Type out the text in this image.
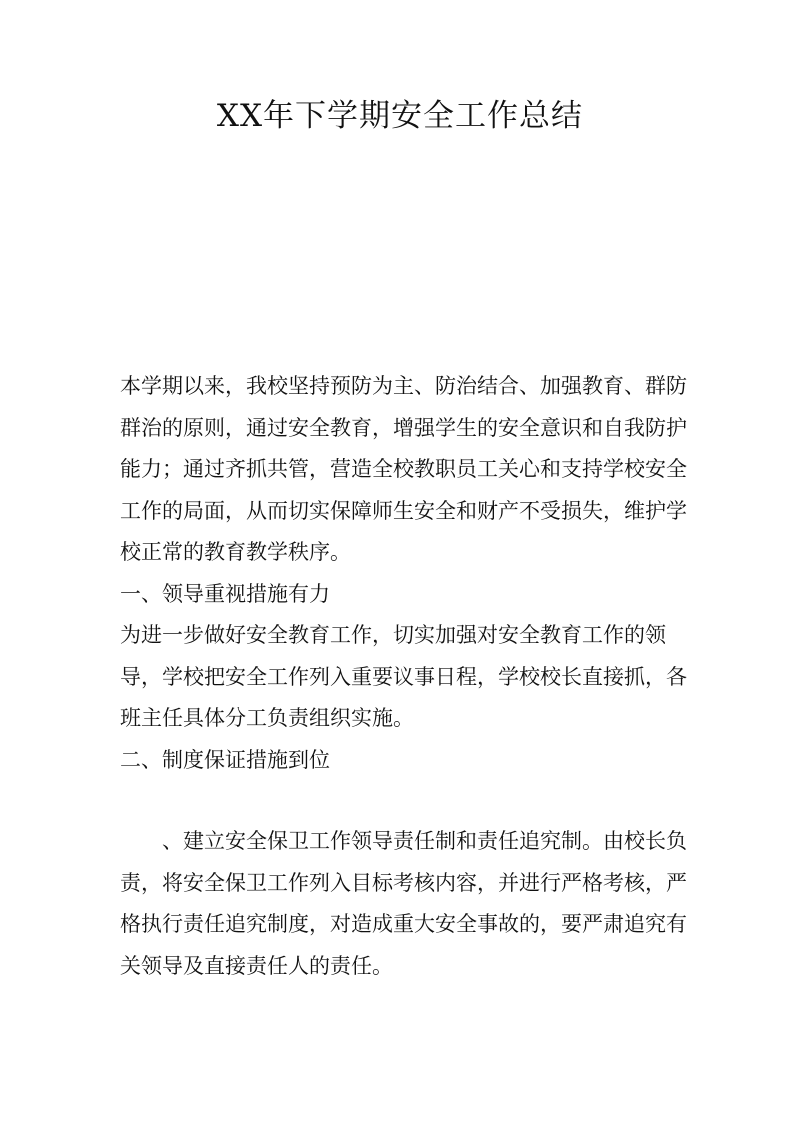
XX年下学期安全工作总结

本学期以来，我校坚持预防为主、防治结合、加强教育、群防群治的原则，通过安全教育，增强学生的安全意识和自我防护能力；通过齐抓共管，营造全校教职员工关心和支持学校安全工作的局面，从而切实保障师生安全和财产不受损失，维护学校正常的教育教学秩序。

一、领导重视措施有力

为进一步做好安全教育工作，切实加强对安全教育工作的领导，学校把安全工作列入重要议事日程，学校校长直接抓，各班主任具体分工负责组织实施。

二、制度保证措施到位

、建立安全保卫工作领导责任制和责任追究制。由校长负责，将安全保卫工作列入目标考核内容，并进行严格考核，严格执行责任追究制度，对造成重大安全事故的，要严肃追究有关领导及直接责任人的责任。
